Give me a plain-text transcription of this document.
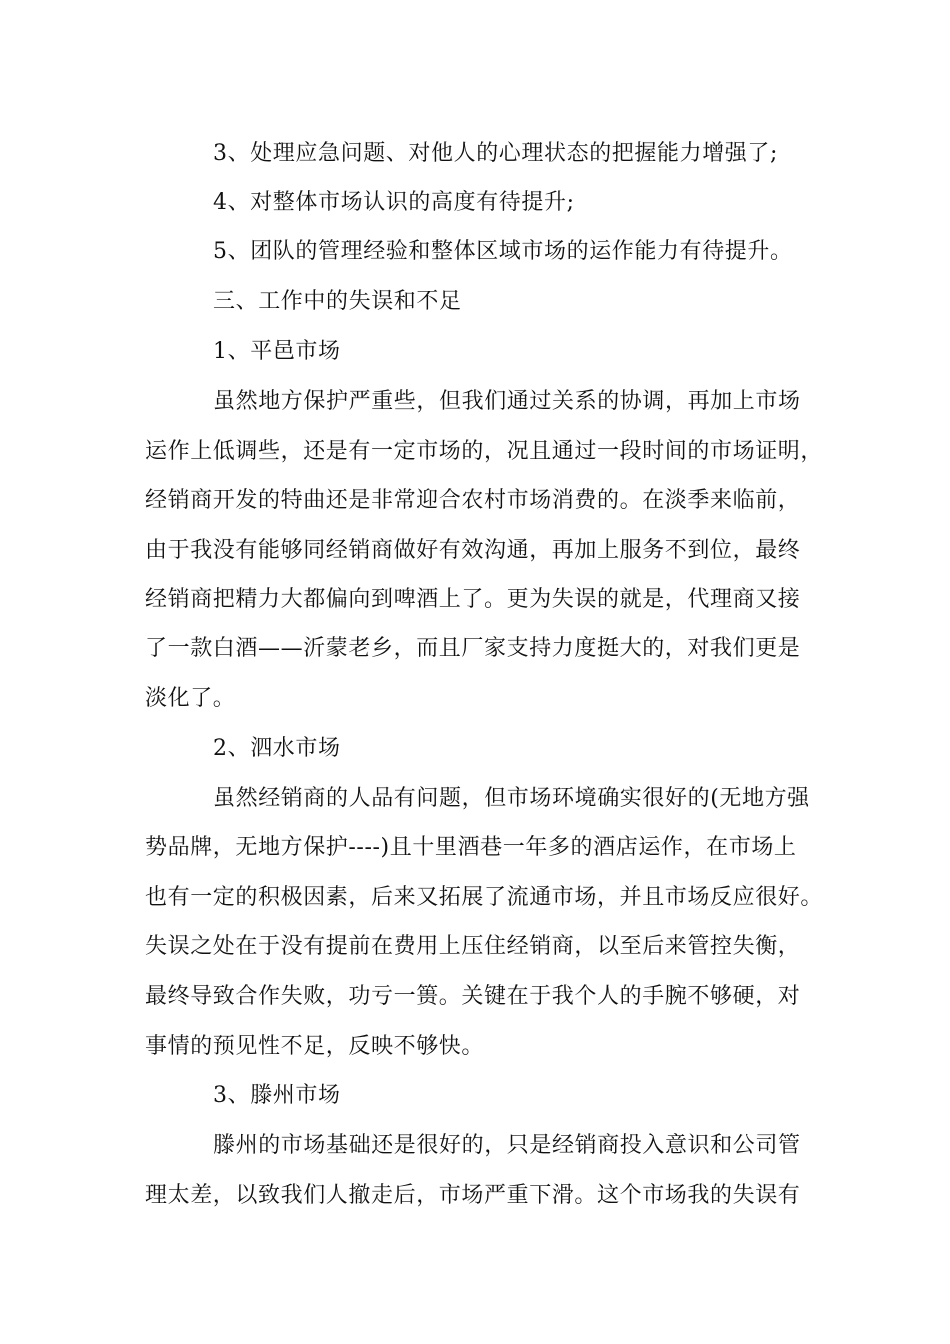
3、处理应急问题、对他人的心理状态的把握能力增强了;
4、对整体市场认识的高度有待提升;
5、团队的管理经验和整体区域市场的运作能力有待提升。
三、工作中的失误和不足
1、平邑市场
虽然地方保护严重些，但我们通过关系的协调，再加上市场
运作上低调些，还是有一定市场的，况且通过一段时间的市场证明，
经销商开发的特曲还是非常迎合农村市场消费的。在淡季来临前，
由于我没有能够同经销商做好有效沟通，再加上服务不到位，最终
经销商把精力大都偏向到啤酒上了。更为失误的就是，代理商又接
了一款白酒——沂蒙老乡，而且厂家支持力度挺大的，对我们更是
淡化了。
2、泗水市场
虽然经销商的人品有问题，但市场环境确实很好的(无地方强
势品牌，无地方保护----)且十里酒巷一年多的酒店运作，在市场上
也有一定的积极因素，后来又拓展了流通市场，并且市场反应很好。
失误之处在于没有提前在费用上压住经销商，以至后来管控失衡，
最终导致合作失败，功亏一篑。关键在于我个人的手腕不够硬，对
事情的预见性不足，反映不够快。
3、滕州市场
滕州的市场基础还是很好的，只是经销商投入意识和公司管
理太差，以致我们人撤走后，市场严重下滑。这个市场我的失误有
